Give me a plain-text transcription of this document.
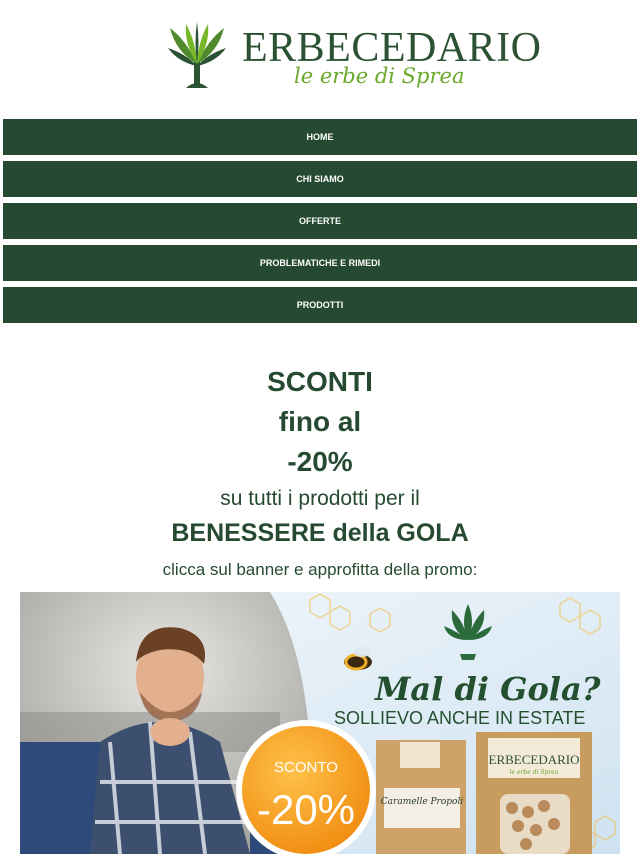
ERBECEDARIO
le erbe di Sprea
HOME
CHI SIAMO
OFFERTE
PROBLEMATICHE E RIMEDI
PRODOTTI
SCONTI
fino al
-20%
su tutti i prodotti per il
BENESSERE della GOLA
clicca sul banner e approfitta della promo:
Mal di Gola?
SOLLIEVO ANCHE IN ESTATE
Caramelle Propoli
ERBECEDARIO
le erbe di Sprea
SCONTO
-20%
